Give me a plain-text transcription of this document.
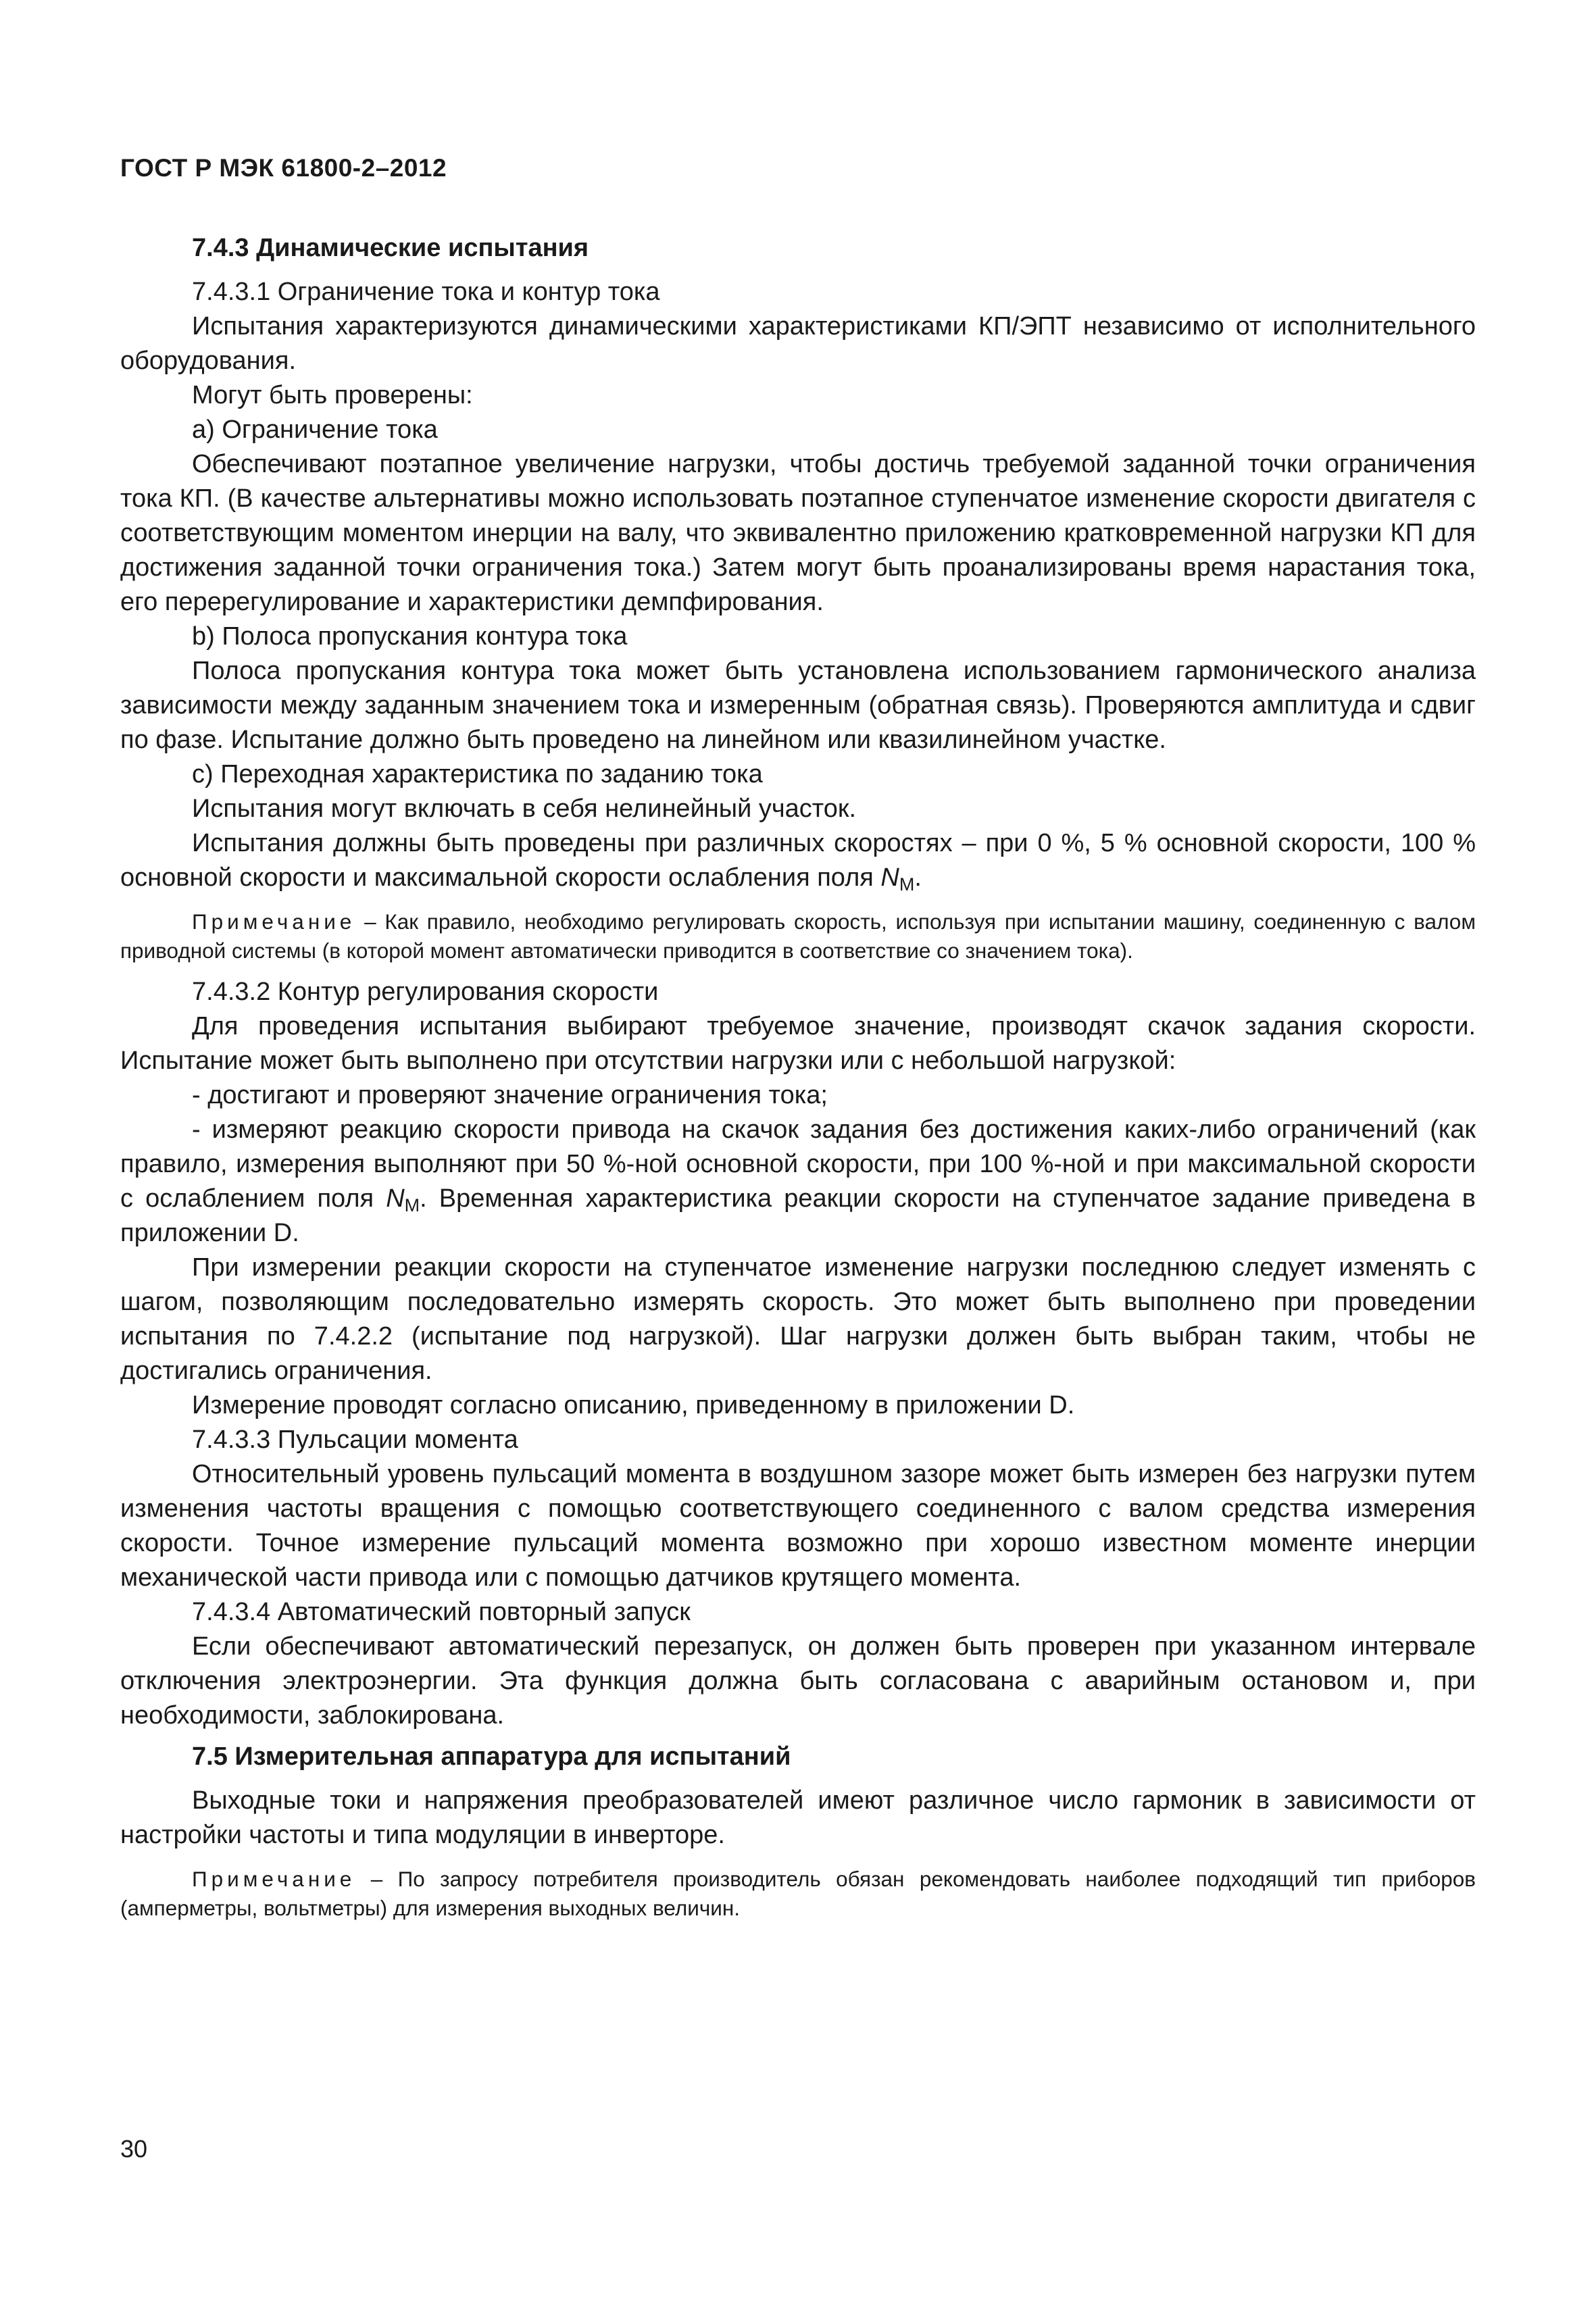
ГОСТ Р МЭК 61800-2–2012

7.4.3 Динамические испытания

7.4.3.1 Ограничение тока и контур тока

Испытания характеризуются динамическими характеристиками КП/ЭПТ независимо от исполнительного оборудования.

Могут быть проверены:

а) Ограничение тока

Обеспечивают поэтапное увеличение нагрузки, чтобы достичь требуемой заданной точки ограничения тока КП. (В качестве альтернативы можно использовать поэтапное ступенчатое изменение скорости двигателя с соответствующим моментом инерции на валу, что эквивалентно приложению кратковременной нагрузки КП для достижения заданной точки ограничения тока.) Затем могут быть проанализированы время нарастания тока, его перерегулирование и характеристики демпфирования.

b) Полоса пропускания контура тока

Полоса пропускания контура тока может быть установлена использованием гармонического анализа зависимости между заданным значением тока и измеренным (обратная связь). Проверяются амплитуда и сдвиг по фазе. Испытание должно быть проведено на линейном или квазилинейном участке.

c) Переходная характеристика по заданию тока

Испытания могут включать в себя нелинейный участок.

Испытания должны быть проведены при различных скоростях – при 0 %, 5 % основной скорости, 100 % основной скорости и максимальной скорости ослабления поля $N_M$.

Примечание – Как правило, необходимо регулировать скорость, используя при испытании машину, соединенную с валом приводной системы (в которой момент автоматически приводится в соответствие со значением тока).

7.4.3.2 Контур регулирования скорости

Для проведения испытания выбирают требуемое значение, производят скачок задания скорости. Испытание может быть выполнено при отсутствии нагрузки или с небольшой нагрузкой:

- достигают и проверяют значение ограничения тока;

- измеряют реакцию скорости привода на скачок задания без достижения каких-либо ограничений (как правило, измерения выполняют при 50 %-ной основной скорости, при 100 %-ной и при максимальной скорости с ослаблением поля $N_M$. Временная характеристика реакции скорости на ступенчатое задание приведена в приложении D.

При измерении реакции скорости на ступенчатое изменение нагрузки последнюю следует изменять с шагом, позволяющим последовательно измерять скорость. Это может быть выполнено при проведении испытания по 7.4.2.2 (испытание под нагрузкой). Шаг нагрузки должен быть выбран таким, чтобы не достигались ограничения.

Измерение проводят согласно описанию, приведенному в приложении D.

7.4.3.3 Пульсации момента

Относительный уровень пульсаций момента в воздушном зазоре может быть измерен без нагрузки путем изменения частоты вращения с помощью соответствующего соединенного с валом средства измерения скорости. Точное измерение пульсаций момента возможно при хорошо известном моменте инерции механической части привода или с помощью датчиков крутящего момента.

7.4.3.4 Автоматический повторный запуск

Если обеспечивают автоматический перезапуск, он должен быть проверен при указанном интервале отключения электроэнергии. Эта функция должна быть согласована с аварийным остановом и, при необходимости, заблокирована.

7.5 Измерительная аппаратура для испытаний

Выходные токи и напряжения преобразователей имеют различное число гармоник в зависимости от настройки частоты и типа модуляции в инверторе.

Примечание – По запросу потребителя производитель обязан рекомендовать наиболее подходящий тип приборов (амперметры, вольтметры) для измерения выходных величин.

30
